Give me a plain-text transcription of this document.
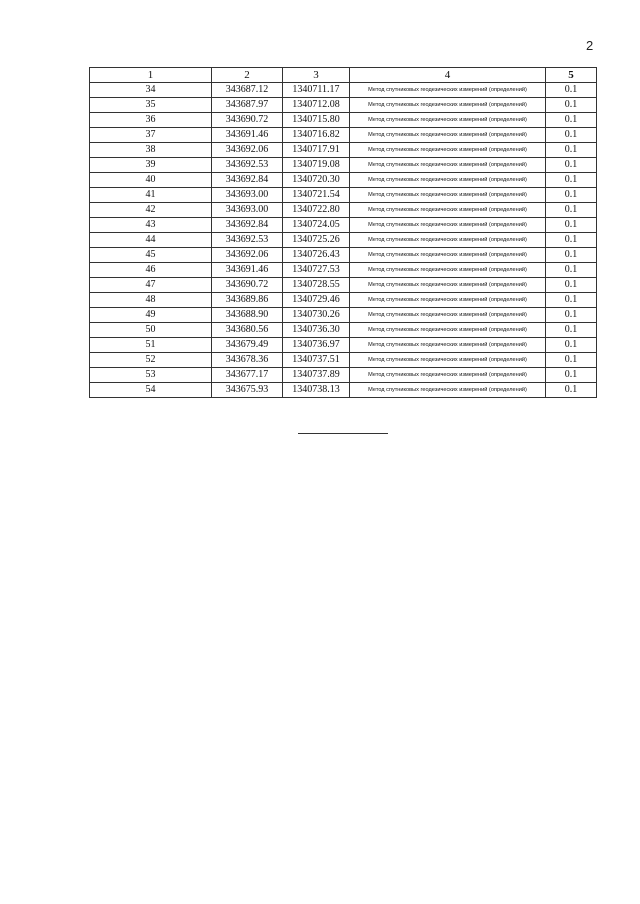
2
1	2	3	4	5
34	343687.12	1340711.17	Метод спутниковых геодезических измерений (определений)	0.1
35	343687.97	1340712.08	Метод спутниковых геодезических измерений (определений)	0.1
36	343690.72	1340715.80	Метод спутниковых геодезических измерений (определений)	0.1
37	343691.46	1340716.82	Метод спутниковых геодезических измерений (определений)	0.1
38	343692.06	1340717.91	Метод спутниковых геодезических измерений (определений)	0.1
39	343692.53	1340719.08	Метод спутниковых геодезических измерений (определений)	0.1
40	343692.84	1340720.30	Метод спутниковых геодезических измерений (определений)	0.1
41	343693.00	1340721.54	Метод спутниковых геодезических измерений (определений)	0.1
42	343693.00	1340722.80	Метод спутниковых геодезических измерений (определений)	0.1
43	343692.84	1340724.05	Метод спутниковых геодезических измерений (определений)	0.1
44	343692.53	1340725.26	Метод спутниковых геодезических измерений (определений)	0.1
45	343692.06	1340726.43	Метод спутниковых геодезических измерений (определений)	0.1
46	343691.46	1340727.53	Метод спутниковых геодезических измерений (определений)	0.1
47	343690.72	1340728.55	Метод спутниковых геодезических измерений (определений)	0.1
48	343689.86	1340729.46	Метод спутниковых геодезических измерений (определений)	0.1
49	343688.90	1340730.26	Метод спутниковых геодезических измерений (определений)	0.1
50	343680.56	1340736.30	Метод спутниковых геодезических измерений (определений)	0.1
51	343679.49	1340736.97	Метод спутниковых геодезических измерений (определений)	0.1
52	343678.36	1340737.51	Метод спутниковых геодезических измерений (определений)	0.1
53	343677.17	1340737.89	Метод спутниковых геодезических измерений (определений)	0.1
54	343675.93	1340738.13	Метод спутниковых геодезических измерений (определений)	0.1
